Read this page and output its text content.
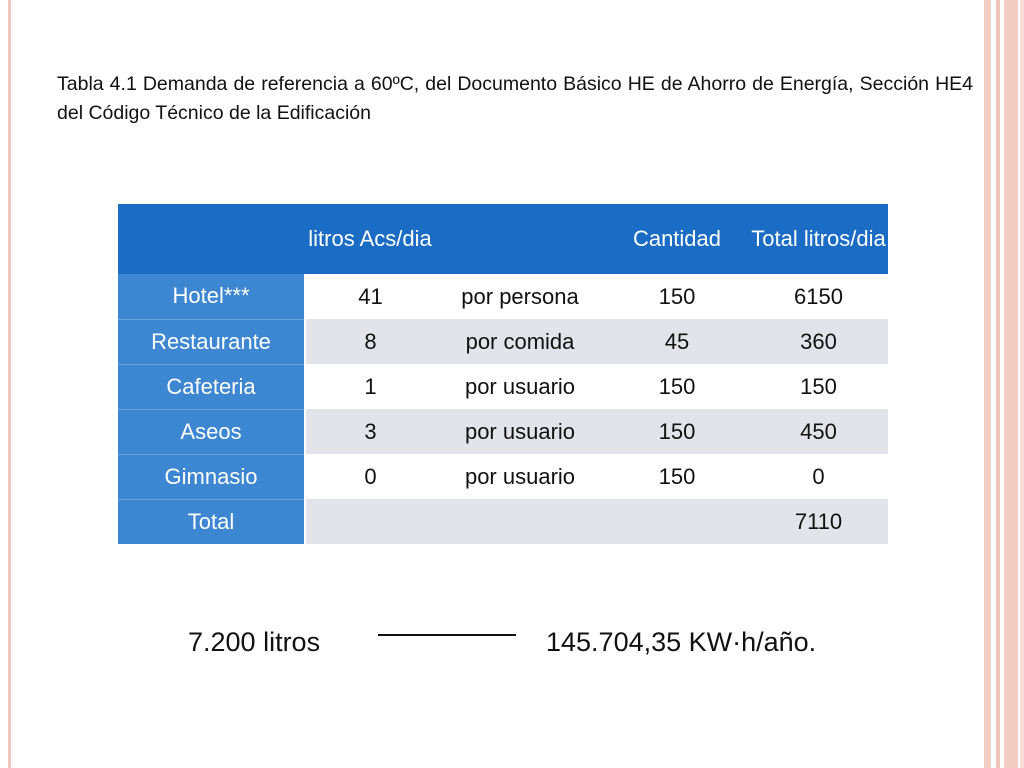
Tabla 4.1 Demanda de referencia a 60ºC, del Documento Básico HE de Ahorro de Energía, Sección HE4 del Código Técnico de la Edificación
	litros Acs/dia		Cantidad	Total litros/dia
Hotel***	41	por persona	150	6150
Restaurante	8	por comida	45	360
Cafeteria	1	por usuario	150	150
Aseos	3	por usuario	150	450
Gimnasio	0	por usuario	150	0
Total				7110
7.200 litros	145.704,35 KW·h/año.
